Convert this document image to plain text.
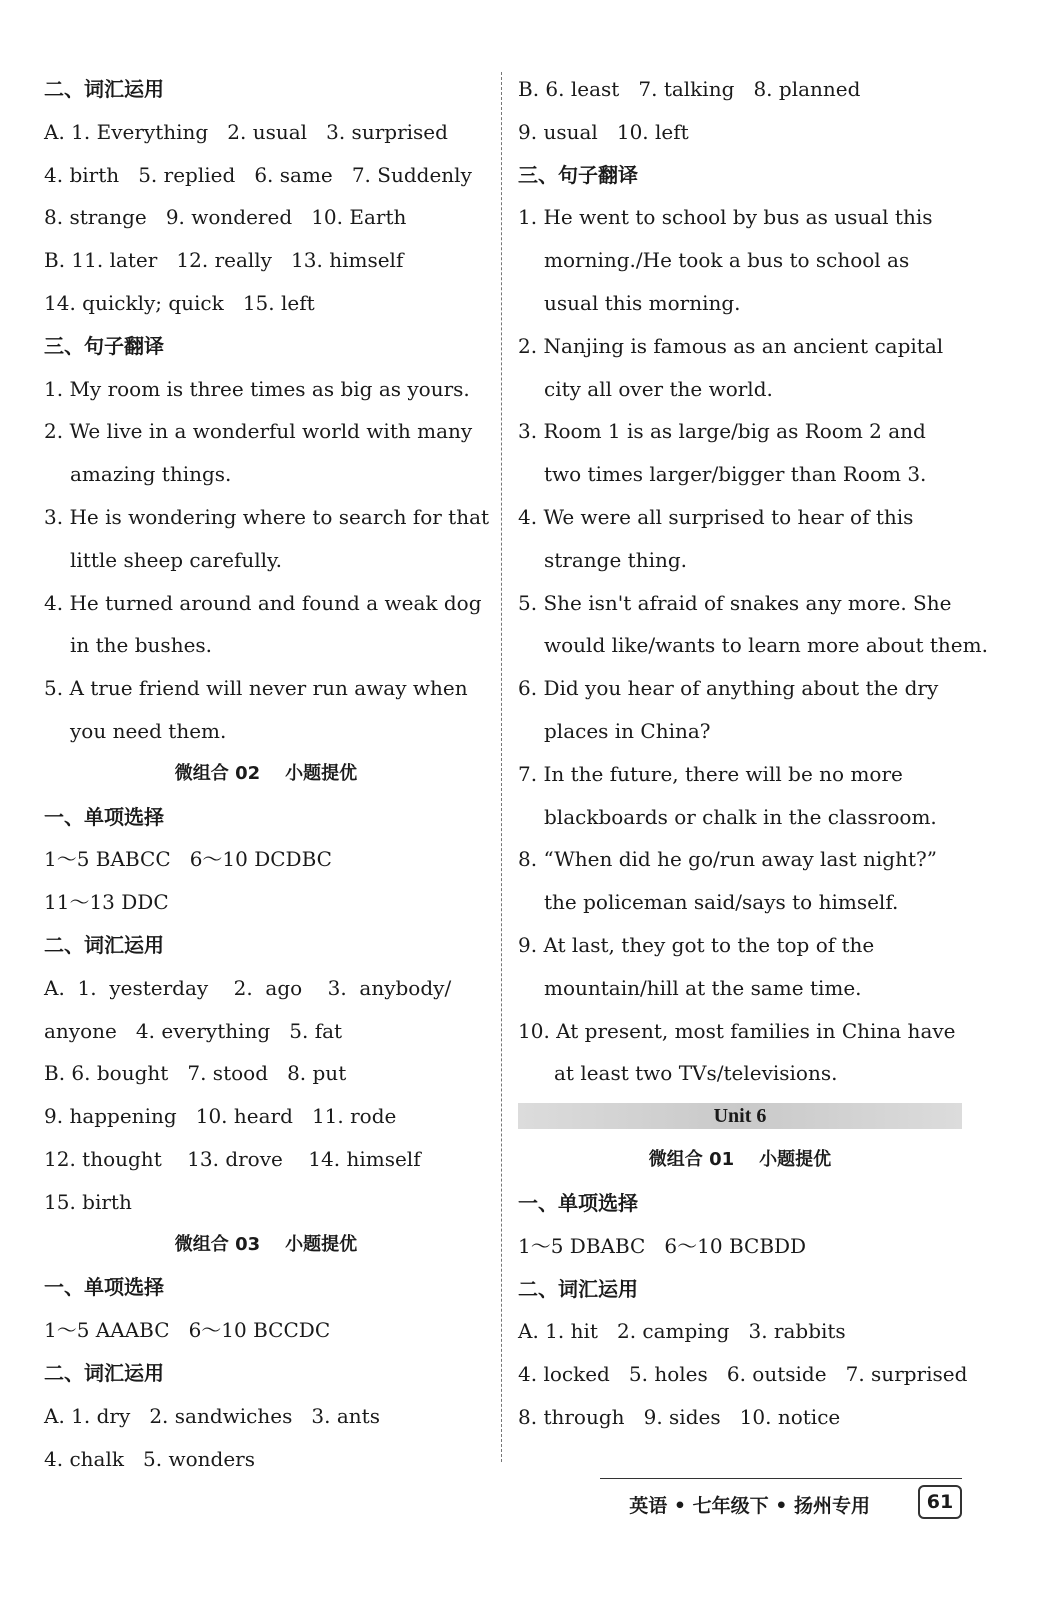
二、词汇运用
A. 1. Everything   2. usual   3. surprised
4. birth   5. replied   6. same   7. Suddenly
8. strange   9. wondered   10. Earth
B. 11. later   12. really   13. himself
14. quickly; quick   15. left
三、句子翻译
1. My room is three times as big as yours.
2. We live in a wonderful world with many
amazing things.
3. He is wondering where to search for that
little sheep carefully.
4. He turned around and found a weak dog
in the bushes.
5. A true friend will never run away when
you need them.
微组合 02    小题提优
一、单项选择
1～5 BABCC   6～10 DCDBC
11～13 DDC
二、词汇运用
A.  1.  yesterday    2.  ago    3.  anybody/
anyone   4. everything   5. fat
B. 6. bought   7. stood   8. put
9. happening   10. heard   11. rode
12. thought    13. drove    14. himself
15. birth
微组合 03    小题提优
一、单项选择
1～5 AAABC   6～10 BCCDC
二、词汇运用
A. 1. dry   2. sandwiches   3. ants
4. chalk   5. wonders
B. 6. least   7. talking   8. planned
9. usual   10. left
三、句子翻译
1. He went to school by bus as usual this
morning./He took a bus to school as
usual this morning.
2. Nanjing is famous as an ancient capital
city all over the world.
3. Room 1 is as large/big as Room 2 and
two times larger/bigger than Room 3.
4. We were all surprised to hear of this
strange thing.
5. She isn't afraid of snakes any more. She
would like/wants to learn more about them.
6. Did you hear of anything about the dry
places in China?
7. In the future, there will be no more
blackboards or chalk in the classroom.
8. “When did he go/run away last night?”
the policeman said/says to himself.
9. At last, they got to the top of the
mountain/hill at the same time.
10. At present, most families in China have
at least two TVs/televisions.
Unit 6
微组合 01    小题提优
一、单项选择
1～5 DBABC   6～10 BCBDD
二、词汇运用
A. 1. hit   2. camping   3. rabbits
4. locked   5. holes   6. outside   7. surprised
8. through   9. sides   10. notice
英语 • 七年级下 • 扬州专用	61
